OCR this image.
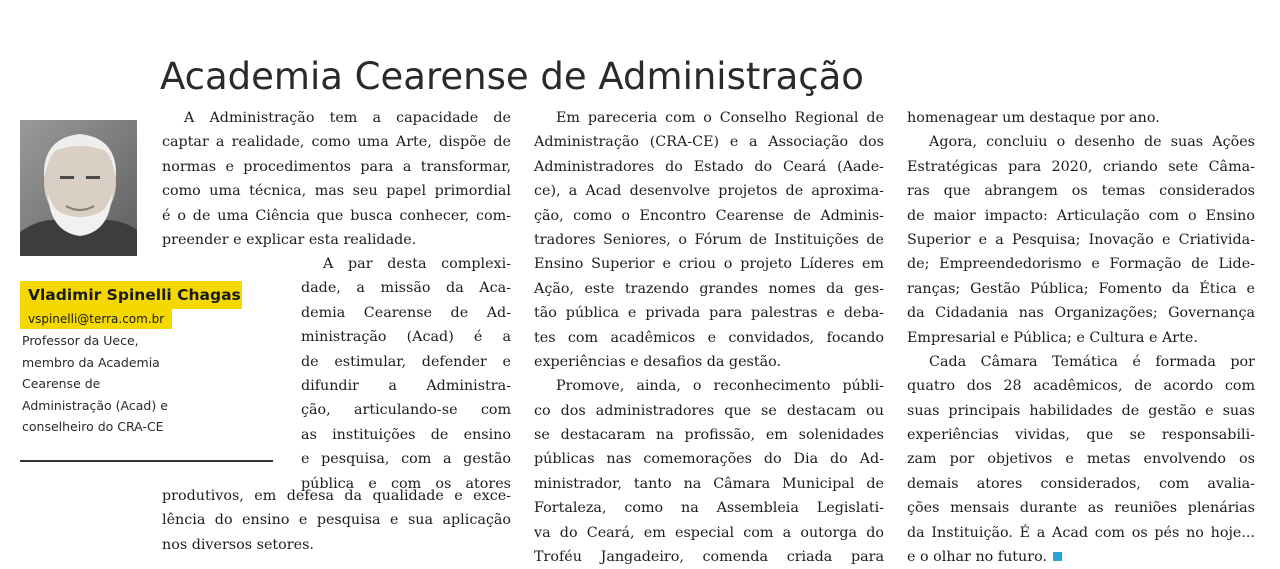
Academia Cearense de Administração
Vladimir Spinelli Chagas
vspinelli@terra.com.br
Professor da Uece,
membro da Academia
Cearense de
Administração (Acad) e
conselheiro do CRA-CE
A Administração tem a capacidade de
captar a realidade, como uma Arte, dispõe de
normas e procedimentos para a transformar,
como uma técnica, mas seu papel primordial
é o de uma Ciência que busca conhecer, com-
preender e explicar esta realidade.
A par desta complexi-
dade, a missão da Aca-
demia Cearense de Ad-
ministração (Acad) é a
de estimular, defender e
difundir a Administra-
ção, articulando-se com
as instituições de ensino
e pesquisa, com a gestão
pública e com os atores
produtivos, em defesa da qualidade e exce-
lência do ensino e pesquisa e sua aplicação
nos diversos setores.
Em pareceria com o Conselho Regional de
Administração (CRA-CE) e a Associação dos
Administradores do Estado do Ceará (Aade-
ce), a Acad desenvolve projetos de aproxima-
ção, como o Encontro Cearense de Adminis-
tradores Seniores, o Fórum de Instituições de
Ensino Superior e criou o projeto Líderes em
Ação, este trazendo grandes nomes da ges-
tão pública e privada para palestras e deba-
tes com acadêmicos e convidados, focando
experiências e desafios da gestão.
Promove, ainda, o reconhecimento públi-
co dos administradores que se destacam ou
se destacaram na profissão, em solenidades
públicas nas comemorações do Dia do Ad-
ministrador, tanto na Câmara Municipal de
Fortaleza, como na Assembleia Legislati-
va do Ceará, em especial com a outorga do
Troféu Jangadeiro, comenda criada para
homenagear um destaque por ano.
Agora, concluiu o desenho de suas Ações
Estratégicas para 2020, criando sete Câma-
ras que abrangem os temas considerados
de maior impacto: Articulação com o Ensino
Superior e a Pesquisa; Inovação e Criativida-
de; Empreendedorismo e Formação de Lide-
ranças; Gestão Pública; Fomento da Ética e
da Cidadania nas Organizações; Governança
Empresarial e Pública; e Cultura e Arte.
Cada Câmara Temática é formada por
quatro dos 28 acadêmicos, de acordo com
suas principais habilidades de gestão e suas
experiências vividas, que se responsabili-
zam por objetivos e metas envolvendo os
demais atores considerados, com avalia-
ções mensais durante as reuniões plenárias
da Instituição. É a Acad com os pés no hoje...
e o olhar no futuro.
